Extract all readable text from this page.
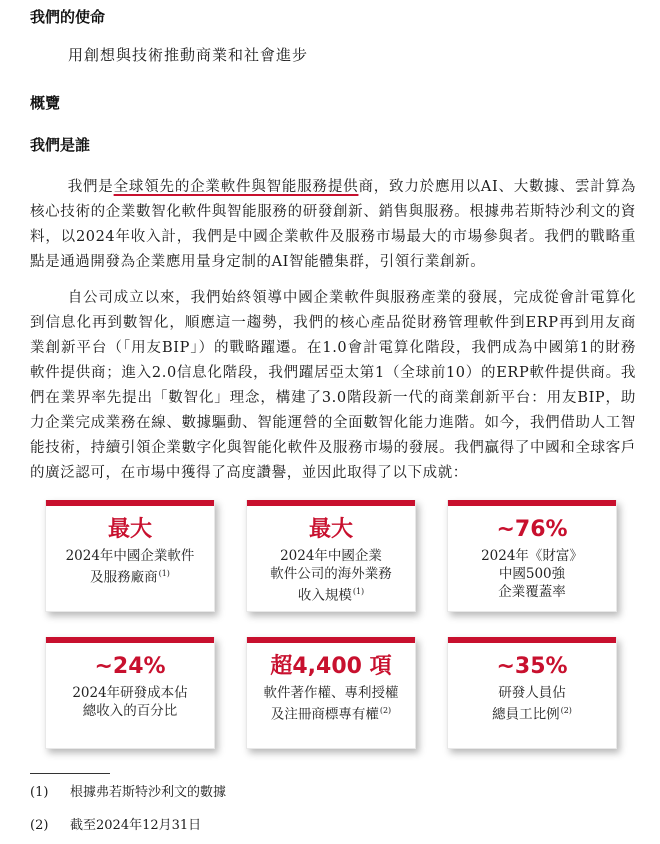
我們的使命
用創想與技術推動商業和社會進步
概覽
我們是誰

我們是全球領先的企業軟件與智能服務提供商，致力於應用以AI、大數據、雲計算為核心技術的企業數智化軟件與智能服務的研發創新、銷售與服務。根據弗若斯特沙利文的資料，以2024年收入計，我們是中國企業軟件及服務市場最大的市場參與者。我們的戰略重點是通過開發為企業應用量身定制的AI智能體集群，引領行業創新。

自公司成立以來，我們始終領導中國企業軟件與服務產業的發展，完成從會計電算化到信息化再到數智化，順應這一趨勢，我們的核心產品從財務管理軟件到ERP再到用友商業創新平台（「用友BIP」）的戰略躍遷。在1.0會計電算化階段，我們成為中國第1的財務軟件提供商；進入2.0信息化階段，我們躍居亞太第1（全球前10）的ERP軟件提供商。我們在業界率先提出「數智化」理念，構建了3.0階段新一代的商業創新平台：用友BIP，助力企業完成業務在線、數據驅動、智能運營的全面數智化能力進階。如今，我們借助人工智能技術，持續引領企業數字化與智能化軟件及服務市場的發展。我們贏得了中國和全球客戶的廣泛認可，在市場中獲得了高度讚譽，並因此取得了以下成就：

最大
2024年中國企業軟件
及服務廠商$^{(1)}$
最大
2024年中國企業
軟件公司的海外業務
收入規模$^{(1)}$
~76%
2024年《財富》
中國500強
企業覆蓋率
~24%
2024年研發成本佔
總收入的百分比
超4,400 項
軟件著作權、專利授權
及注冊商標專有權$^{(2)}$
~35%
研發人員佔
總員工比例$^{(2)}$
(1) 根據弗若斯特沙利文的數據
(2) 截至2024年12月31日
